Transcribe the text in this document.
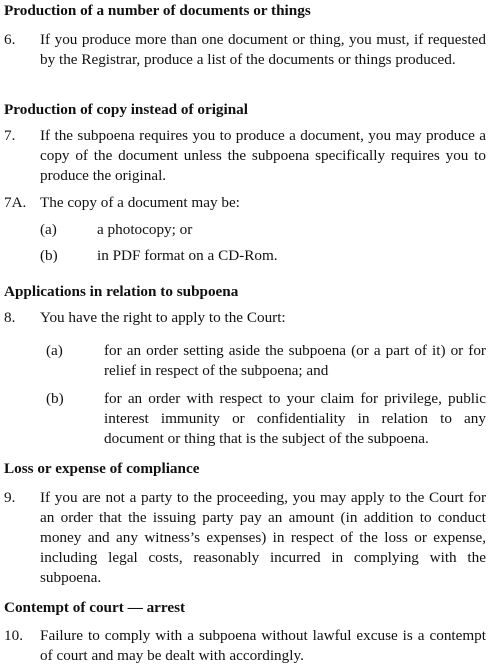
Production of a number of documents or things
6. If you produce more than one document or thing, you must, if requested by the Registrar, produce a list of the documents or things produced.
Production of copy instead of original
7. If the subpoena requires you to produce a document, you may produce a copy of the document unless the subpoena specifically requires you to produce the original.
7A. The copy of a document may be:
(a)	a photocopy; or
(b)	in PDF format on a CD-Rom.
Applications in relation to subpoena
8. You have the right to apply to the Court:
(a)	for an order setting aside the subpoena (or a part of it) or for relief in respect of the subpoena; and
(b)	for an order with respect to your claim for privilege, public interest immunity or confidentiality in relation to any document or thing that is the subject of the subpoena.
Loss or expense of compliance
9. If you are not a party to the proceeding, you may apply to the Court for an order that the issuing party pay an amount (in addition to conduct money and any witness’s expenses) in respect of the loss or expense, including legal costs, reasonably incurred in complying with the subpoena.
Contempt of court — arrest
10. Failure to comply with a subpoena without lawful excuse is a contempt of court and may be dealt with accordingly.
